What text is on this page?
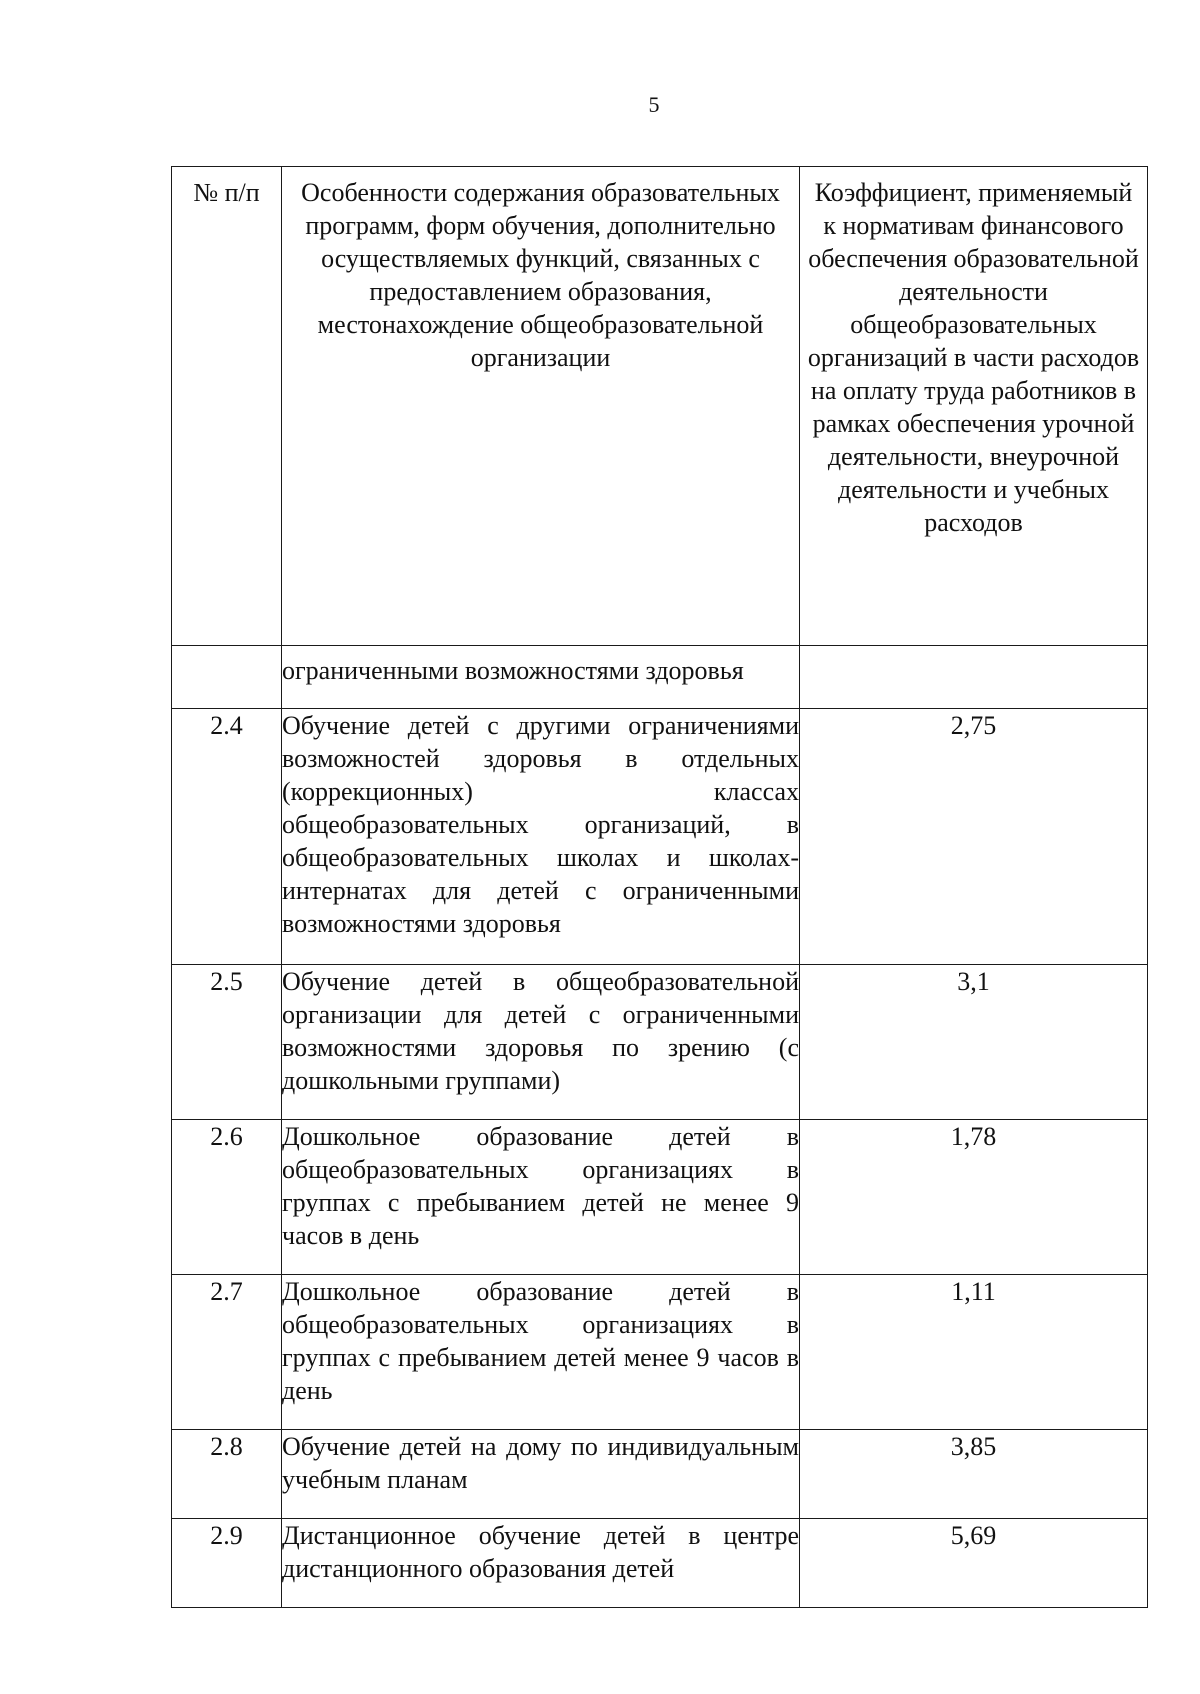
5
№ п/п	Особенности содержания образовательных программ, форм обучения, дополнительно осуществляемых функций, связанных с предоставлением образования, местонахождение общеобразовательной организации	Коэффициент, применяемый к нормативам финансового обеспечения образовательной деятельности общеобразовательных организаций в части расходов на оплату труда работников в рамках обеспечения урочной деятельности, внеурочной деятельности и учебных расходов

	ограниченными возможностями здоровья	
2.4	Обучение детей с другими ограничениями возможностей здоровья в отдельных (коррекционных) классах общеобразовательных организаций, в общеобразовательных школах и школах-интернатах для детей с ограниченными возможностями здоровья	2,75
2.5	Обучение детей в общеобразовательной организации для детей с ограниченными возможностями здоровья по зрению (с дошкольными группами)	3,1
2.6	Дошкольное образование детей в общеобразовательных организациях в группах с пребыванием детей не менее 9 часов в день	1,78
2.7	Дошкольное образование детей в общеобразовательных организациях в группах с пребыванием детей менее 9 часов в день	1,11
2.8	Обучение детей на дому по индивидуальным учебным планам	3,85
2.9	Дистанционное обучение детей в центре дистанционного образования детей	5,69
